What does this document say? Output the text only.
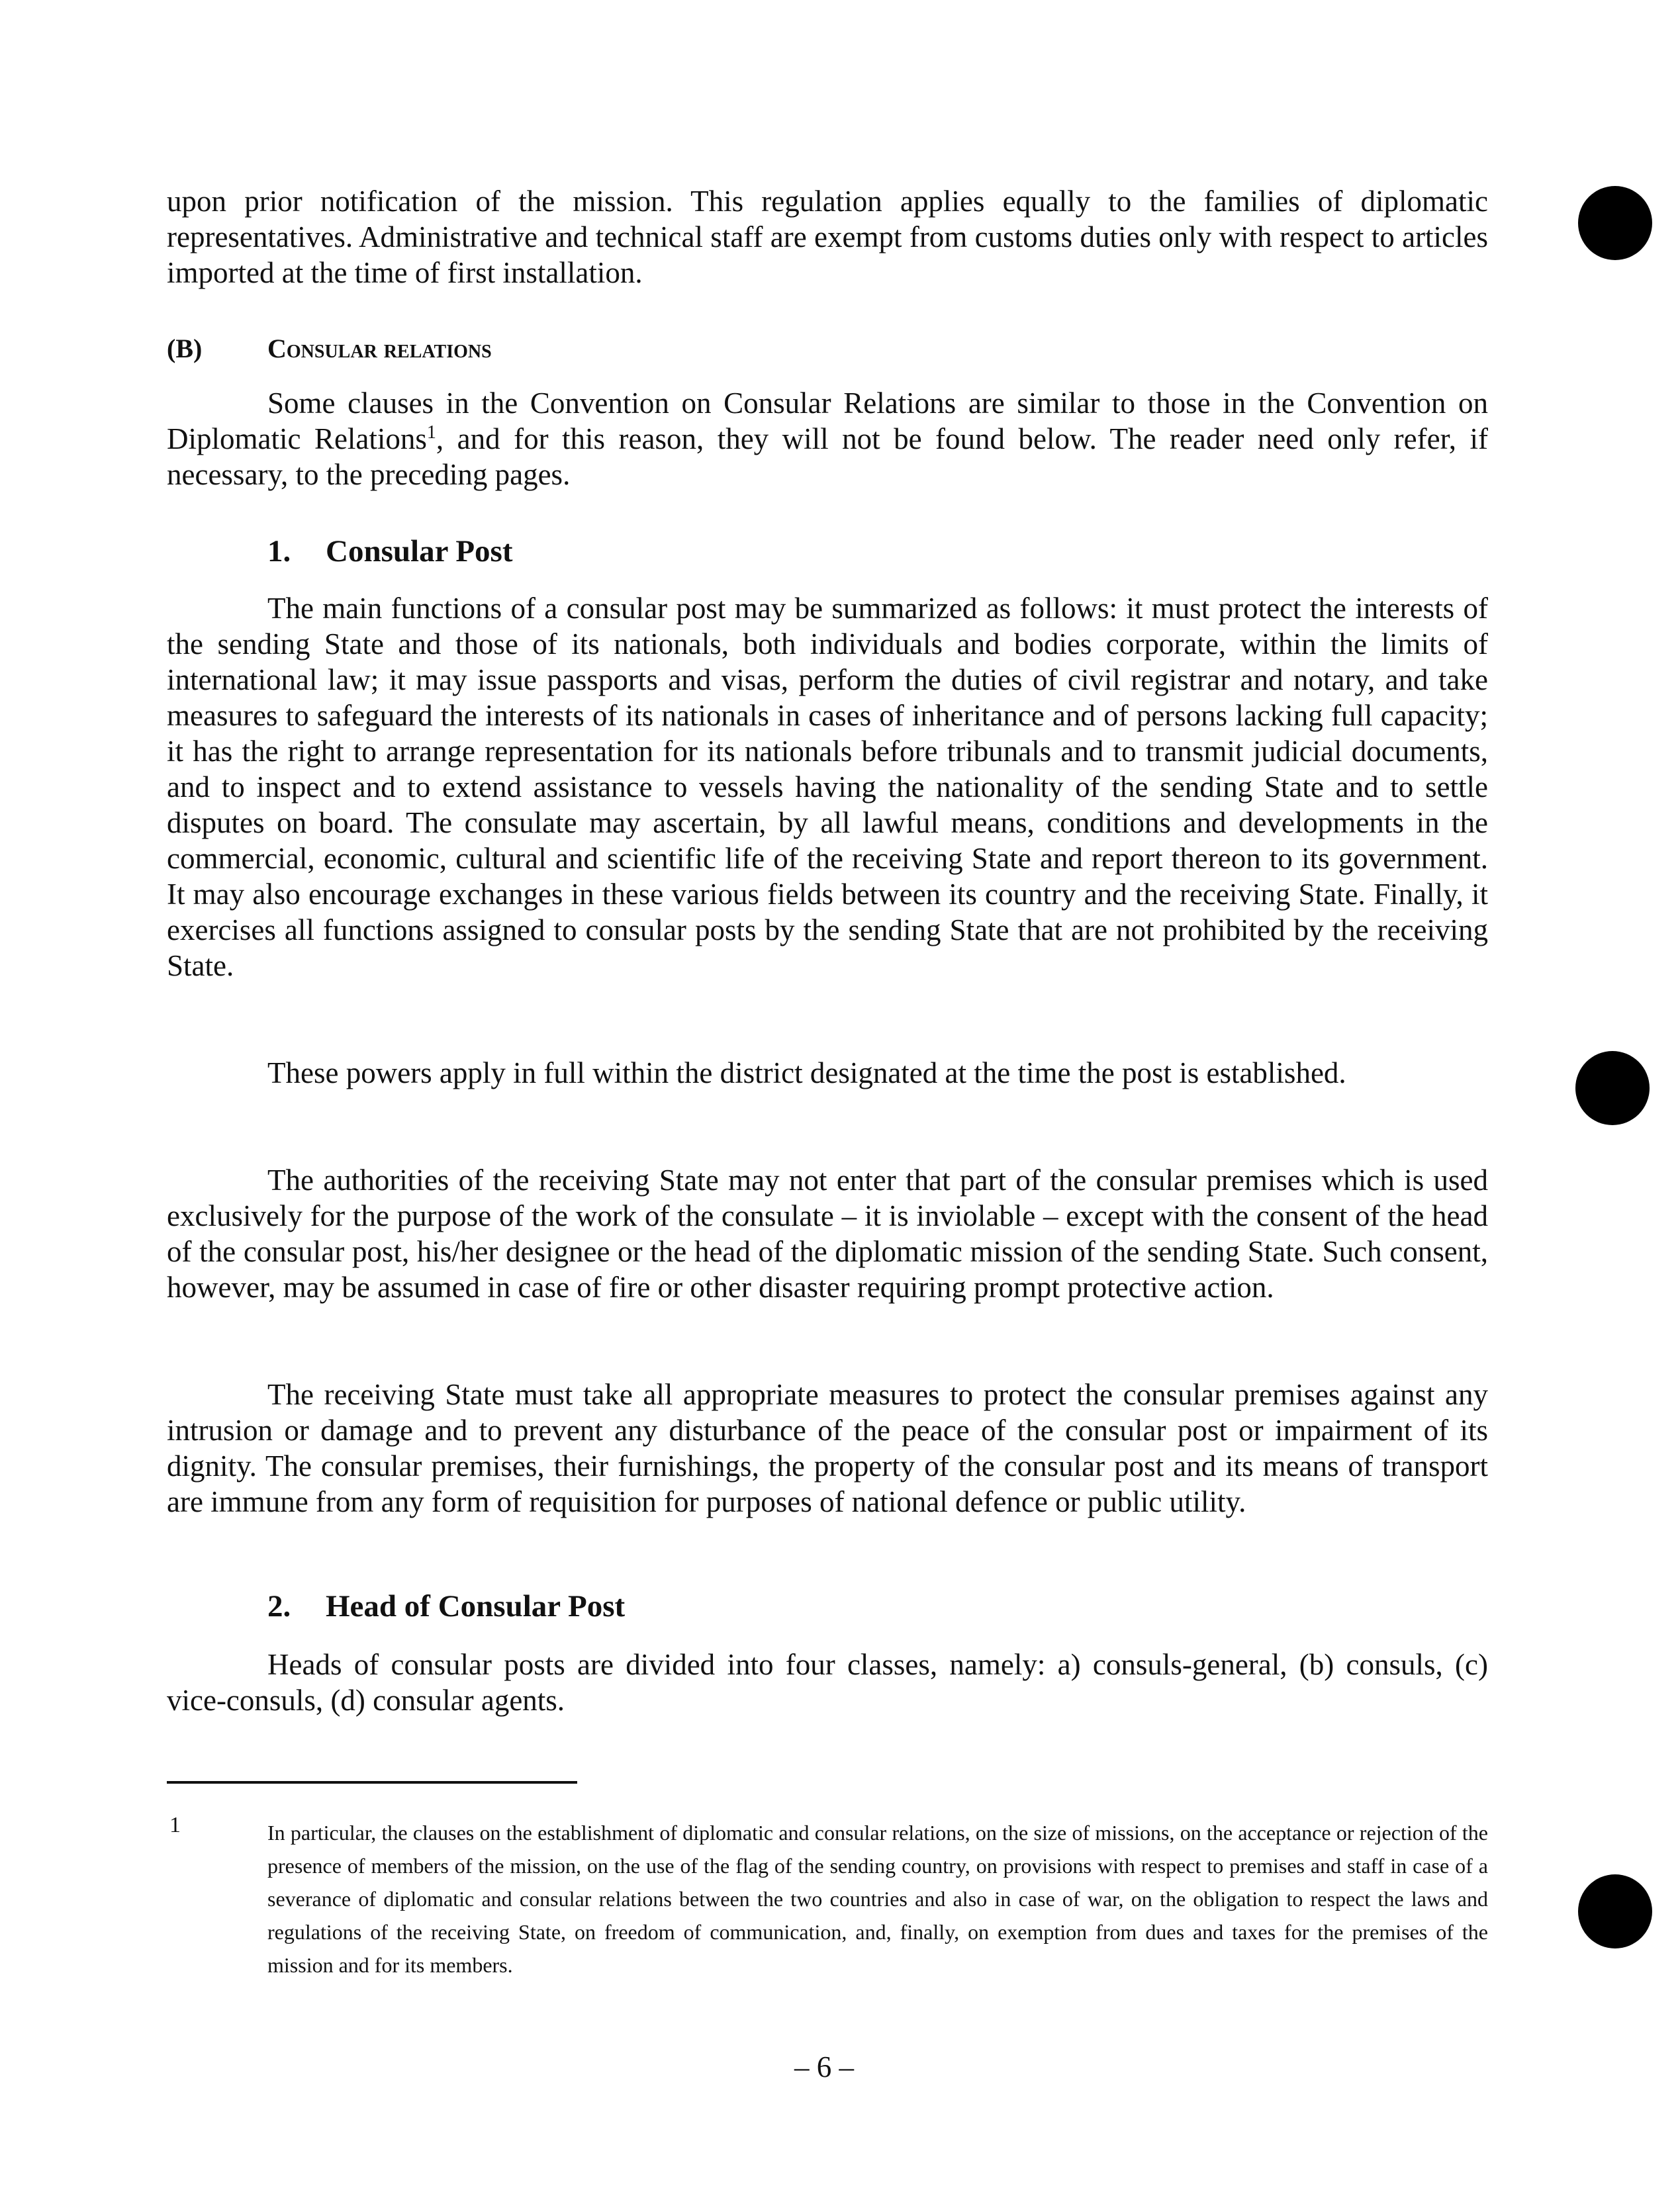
upon prior notification of the mission. This regulation applies equally to the families of diplomatic representatives. Administrative and technical staff are exempt from customs duties only with respect to articles imported at the time of first installation.

(B) Consular relations

Some clauses in the Convention on Consular Relations are similar to those in the Convention on Diplomatic Relations$^1$, and for this reason, they will not be found below. The reader need only refer, if necessary, to the preceding pages.

1. Consular Post

The main functions of a consular post may be summarized as follows: it must protect the interests of the sending State and those of its nationals, both individuals and bodies corporate, within the limits of international law; it may issue passports and visas, perform the duties of civil registrar and notary, and take measures to safeguard the interests of its nationals in cases of inheritance and of persons lacking full capacity; it has the right to arrange representation for its nationals before tribunals and to transmit judicial documents, and to inspect and to extend assistance to vessels having the nationality of the sending State and to settle disputes on board. The consulate may ascertain, by all lawful means, conditions and developments in the commercial, economic, cultural and scientific life of the receiving State and report thereon to its government. It may also encourage exchanges in these various fields between its country and the receiving State. Finally, it exercises all functions assigned to consular posts by the sending State that are not prohibited by the receiving State.

These powers apply in full within the district designated at the time the post is established.

The authorities of the receiving State may not enter that part of the consular premises which is used exclusively for the purpose of the work of the consulate – it is inviolable – except with the consent of the head of the consular post, his/her designee or the head of the diplomatic mission of the sending State. Such consent, however, may be assumed in case of fire or other disaster requiring prompt protective action.

The receiving State must take all appropriate measures to protect the consular premises against any intrusion or damage and to prevent any disturbance of the peace of the consular post or impairment of its dignity. The consular premises, their furnishings, the property of the consular post and its means of transport are immune from any form of requisition for purposes of national defence or public utility.

2. Head of Consular Post

Heads of consular posts are divided into four classes, namely: a) consuls-general, (b) consuls, (c) vice-consuls, (d) consular agents.

1	In particular, the clauses on the establishment of diplomatic and consular relations, on the size of missions, on the acceptance or rejection of the presence of members of the mission, on the use of the flag of the sending country, on provisions with respect to premises and staff in case of a severance of diplomatic and consular relations between the two countries and also in case of war, on the obligation to respect the laws and regulations of the receiving State, on freedom of communication, and, finally, on exemption from dues and taxes for the premises of the mission and for its members.

– 6 –
